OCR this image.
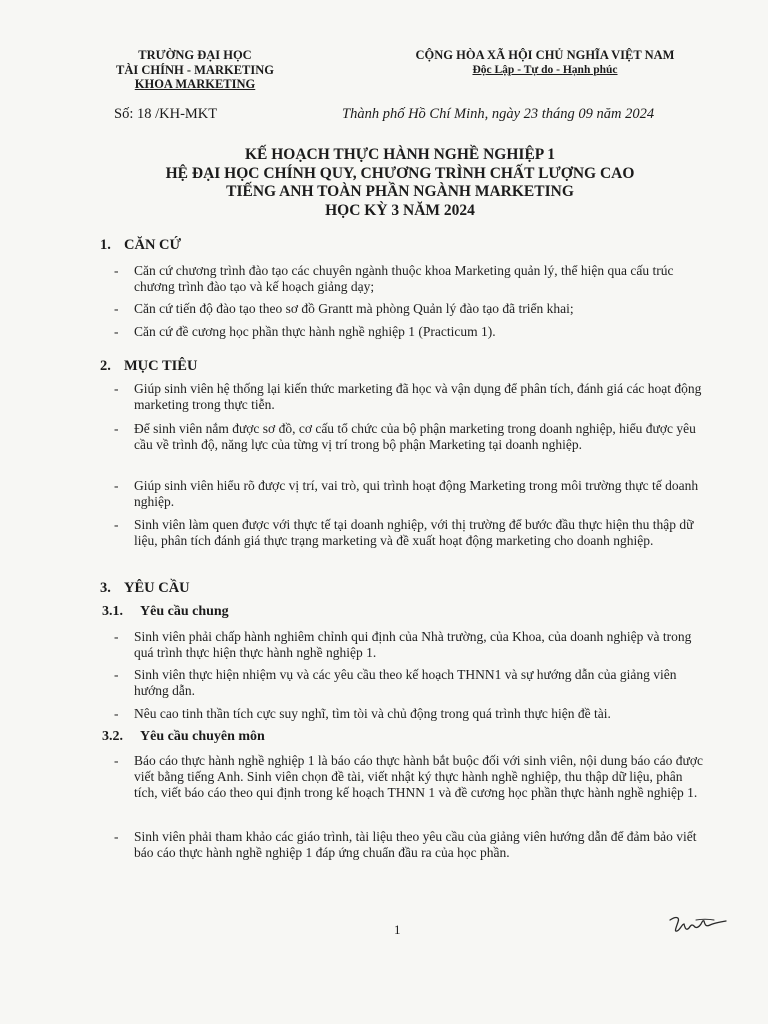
TRƯỜNG ĐẠI HỌC
TÀI CHÍNH - MARKETING
KHOA MARKETING
CỘNG HÒA XÃ HỘI CHỦ NGHĨA VIỆT NAM
Độc Lập - Tự do - Hạnh phúc
Số: 18 /KH-MKT	Thành phố Hồ Chí Minh, ngày 23 tháng 09 năm 2024
KẾ HOẠCH THỰC HÀNH NGHỀ NGHIỆP 1
HỆ ĐẠI HỌC CHÍNH QUY, CHƯƠNG TRÌNH CHẤT LƯỢNG CAO
TIẾNG ANH TOÀN PHẦN NGÀNH MARKETING
HỌC KỲ 3 NĂM 2024
1. CĂN CỨ
- Căn cứ chương trình đào tạo các chuyên ngành thuộc khoa Marketing quản lý, thể hiện qua cấu trúc chương trình đào tạo và kế hoạch giảng dạy;
- Căn cứ tiến độ đào tạo theo sơ đồ Grantt mà phòng Quản lý đào tạo đã triển khai;
- Căn cứ đề cương học phần thực hành nghề nghiệp 1 (Practicum 1).
2. MỤC TIÊU
- Giúp sinh viên hệ thống lại kiến thức marketing đã học và vận dụng để phân tích, đánh giá các hoạt động marketing trong thực tiễn.
- Để sinh viên nắm được sơ đồ, cơ cấu tổ chức của bộ phận marketing trong doanh nghiệp, hiểu được yêu cầu về trình độ, năng lực của từng vị trí trong bộ phận Marketing tại doanh nghiệp.
- Giúp sinh viên hiểu rõ được vị trí, vai trò, qui trình hoạt động Marketing trong môi trường thực tế doanh nghiệp.
- Sinh viên làm quen được với thực tế tại doanh nghiệp, với thị trường để bước đầu thực hiện thu thập dữ liệu, phân tích đánh giá thực trạng marketing và đề xuất hoạt động marketing cho doanh nghiệp.
3. YÊU CẦU
3.1. Yêu cầu chung
- Sinh viên phải chấp hành nghiêm chỉnh qui định của Nhà trường, của Khoa, của doanh nghiệp và trong quá trình thực hiện thực hành nghề nghiệp 1.
- Sinh viên thực hiện nhiệm vụ và các yêu cầu theo kế hoạch THNN1 và sự hướng dẫn của giảng viên hướng dẫn.
- Nêu cao tinh thần tích cực suy nghĩ, tìm tòi và chủ động trong quá trình thực hiện đề tài.
3.2. Yêu cầu chuyên môn
- Báo cáo thực hành nghề nghiệp 1 là báo cáo thực hành bắt buộc đối với sinh viên, nội dung báo cáo được viết bằng tiếng Anh. Sinh viên chọn đề tài, viết nhật ký thực hành nghề nghiệp, thu thập dữ liệu, phân tích, viết báo cáo theo qui định trong kế hoạch THNN 1 và đề cương học phần thực hành nghề nghiệp 1.
- Sinh viên phải tham khảo các giáo trình, tài liệu theo yêu cầu của giảng viên hướng dẫn để đảm bảo viết báo cáo thực hành nghề nghiệp 1 đáp ứng chuẩn đầu ra của học phần.
1
